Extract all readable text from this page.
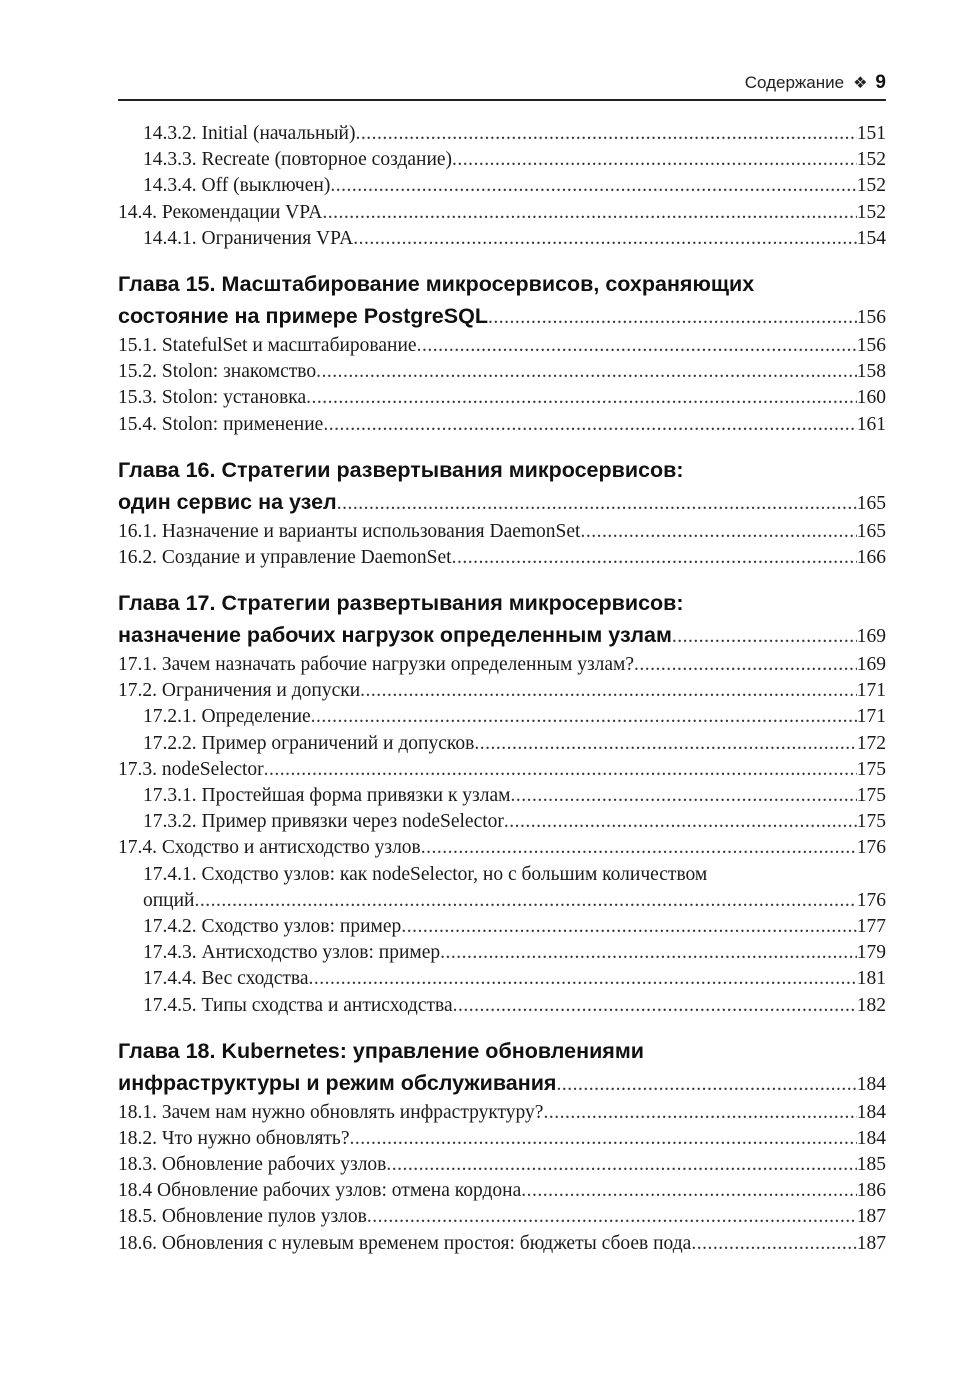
Содержание ❖ 9
14.3.2. Initial (начальный) .....	151
14.3.3. Recreate (повторное создание) .....	152
14.3.4. Off (выключен) .....	152
14.4. Рекомендации VPA .....	152
14.4.1. Ограничения VPA .....	154
Глава 15. Масштабирование микросервисов, сохраняющих
состояние на примере PostgreSQL .....	156
15.1. StatefulSet и масштабирование .....	156
15.2. Stolon: знакомство .....	158
15.3. Stolon: установка .....	160
15.4. Stolon: применение .....	161
Глава 16. Стратегии развертывания микросервисов:
один сервис на узел .....	165
16.1. Назначение и варианты использования DaemonSet .....	165
16.2. Создание и управление DaemonSet .....	166
Глава 17. Стратегии развертывания микросервисов:
назначение рабочих нагрузок определенным узлам .....	169
17.1. Зачем назначать рабочие нагрузки определенным узлам? .....	169
17.2. Ограничения и допуски .....	171
17.2.1. Определение .....	171
17.2.2. Пример ограничений и допусков .....	172
17.3. nodeSelector .....	175
17.3.1. Простейшая форма привязки к узлам .....	175
17.3.2. Пример привязки через nodeSelector .....	175
17.4. Сходство и антисходство узлов .....	176
17.4.1. Сходство узлов: как nodeSelector, но с большим количеством
опций .....	176
17.4.2. Сходство узлов: пример .....	177
17.4.3. Антисходство узлов: пример .....	179
17.4.4. Вес сходства .....	181
17.4.5. Типы сходства и антисходства .....	182
Глава 18. Kubernetes: управление обновлениями
инфраструктуры и режим обслуживания .....	184
18.1. Зачем нам нужно обновлять инфраструктуру? .....	184
18.2. Что нужно обновлять? .....	184
18.3. Обновление рабочих узлов .....	185
18.4 Обновление рабочих узлов: отмена кордона .....	186
18.5. Обновление пулов узлов .....	187
18.6. Обновления с нулевым временем простоя: бюджеты сбоев пода .....	187
